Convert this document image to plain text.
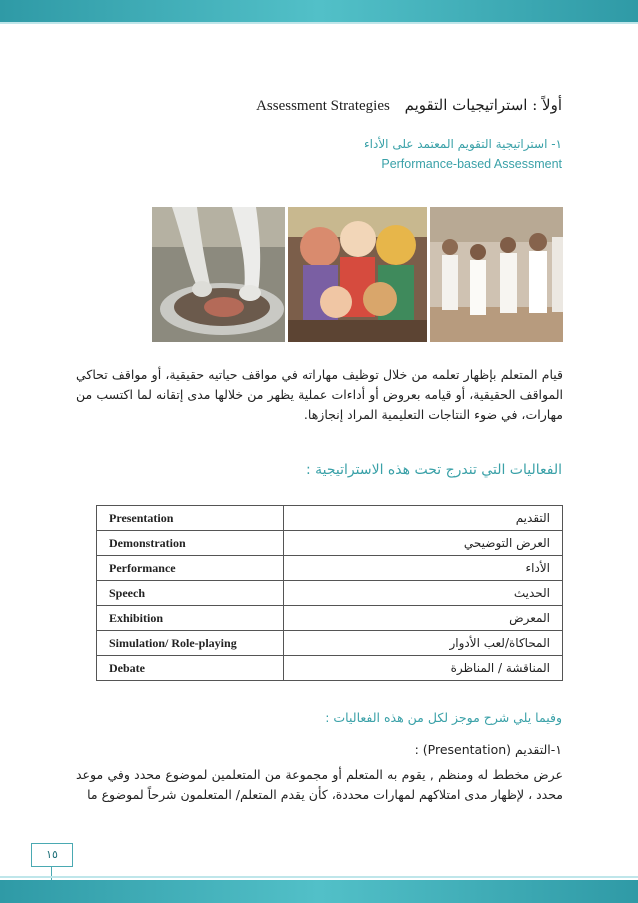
أولاً : استراتيجيات التقويم Assessment Strategies
١- استراتيجية التقويم المعتمد على الأداء
Performance-based Assessment
قيام المتعلم بإظهار تعلمه من خلال توظيف مهاراته في مواقف حياتيه حقيقية، أو مواقف تحاكي المواقف الحقيقية، أو قيامه بعروض أو أداءات عملية يظهر من خلالها مدى إتقانه لما اكتسب من مهارات، في ضوء النتاجات التعليمية المراد إنجازها.
الفعاليات التي تندرج تحت هذه الاستراتيجية :
Presentation	التقديم
Demonstration	العرض التوضيحي
Performance	الأداء
Speech	الحديث
Exhibition	المعرض
Simulation/ Role-playing	المحاكاة/لعب الأدوار
Debate	المناقشة / المناظرة
وفيما يلي شرح موجز لكل من هذه الفعاليات :
١-التقديم (Presentation) :
عرض مخطط له ومنظم , يقوم به المتعلم أو مجموعة من المتعلمين لموضوع محدد وفي موعد محدد ، لإظهار مدى امتلاكهم لمهارات محددة، كأن يقدم المتعلم/ المتعلمون شرحاً لموضوع ما
١٥
